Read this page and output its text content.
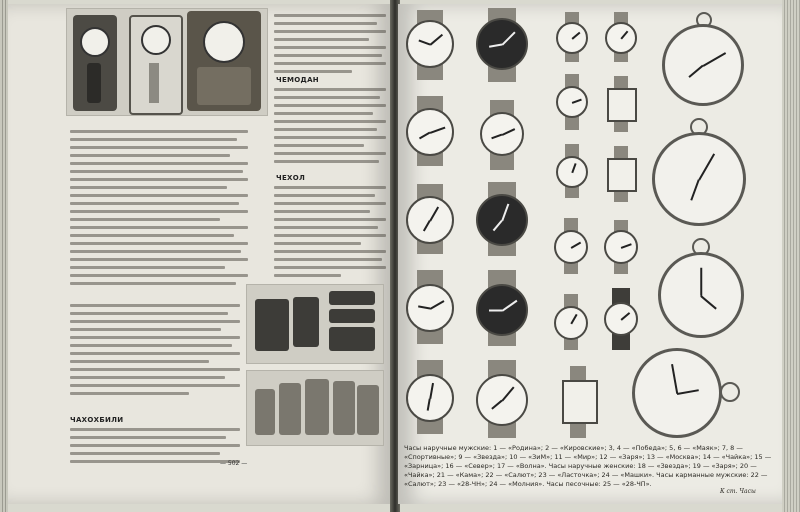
ЧЕМОДАН
ЧЕХОЛ
ЧАХОХБИЛИ
— 502 —
Часы наручные мужские: 1 — «Родина»; 2 — «Кировские»; 3, 4 — «Победа»; 5, 6 — «Маяк»; 7, 8 — «Спортивные»; 9 — «Звезда»; 10 — «ЗиМ»; 11 — «Мир»; 12 — «Заря»; 13 — «Москва»; 14 — «Чайка»; 15 — «Зарница»; 16 — «Север»; 17 — «Волна». Часы наручные женские: 18 — «Звезда»; 19 — «Заря»; 20 — «Чайка»; 21 — «Кама»; 22 — «Салют»; 23 — «Ласточка»; 24 — «Машки». Часы карманные мужские: 22 — «Салют»; 23 — «28-ЧН»; 24 — «Молния». Часы песочные: 25 — «28-ЧП».
К ст. Часы
